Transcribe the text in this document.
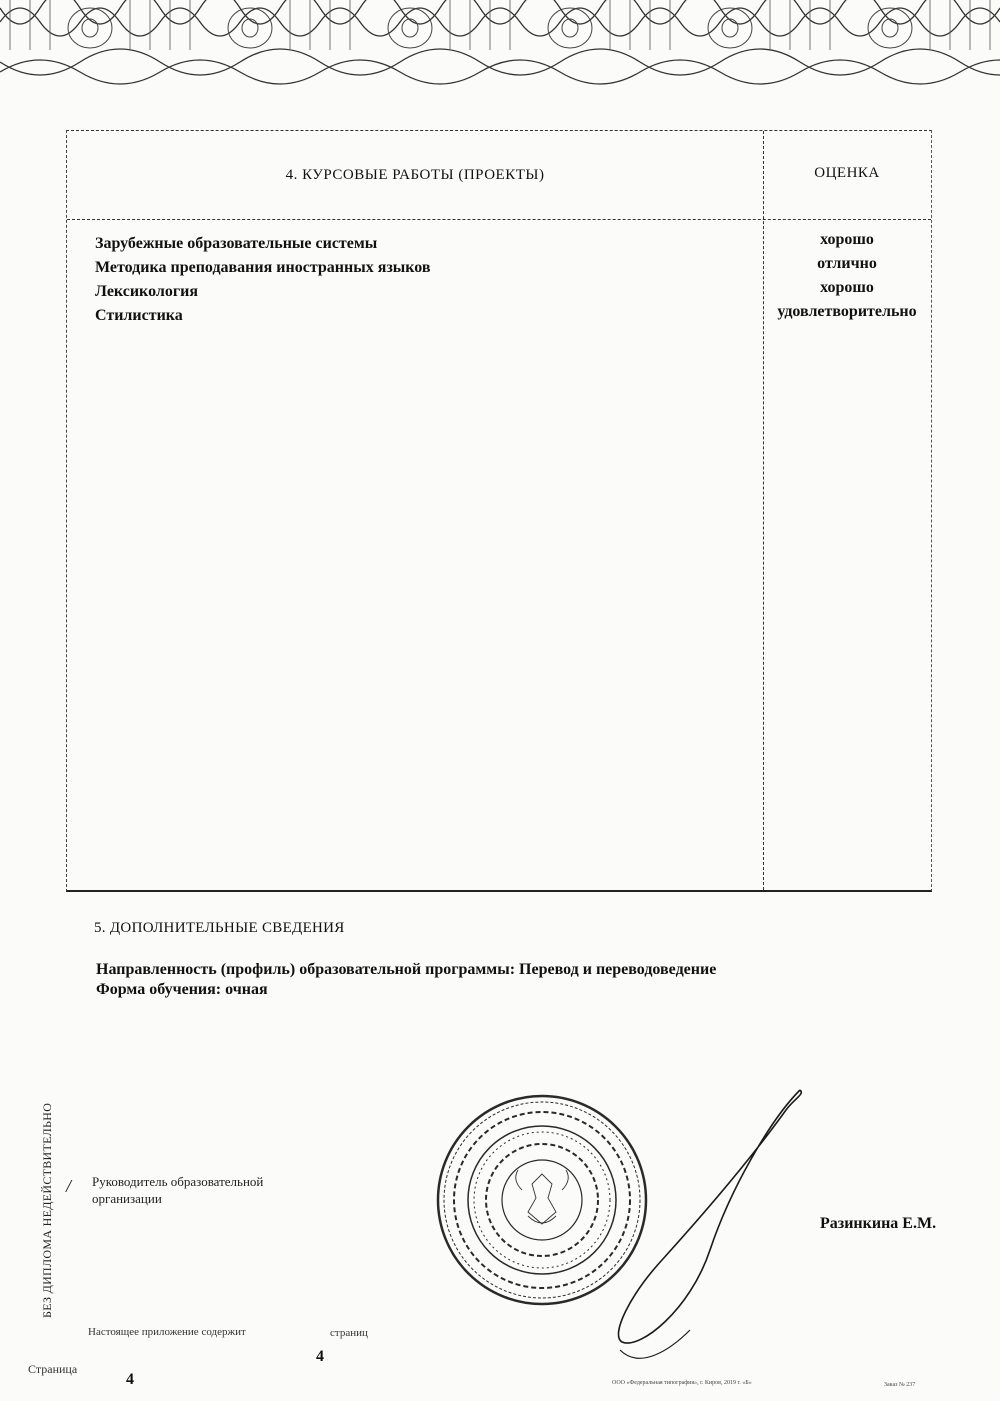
4. КУРСОВЫЕ РАБОТЫ (ПРОЕКТЫ)	ОЦЕНКА
Зарубежные образовательные системы	хорошо
Методика преподавания иностранных языков	отлично
Лексикология	хорошо
Стилистика	удовлетворительно
5. ДОПОЛНИТЕЛЬНЫЕ СВЕДЕНИЯ
Направленность (профиль) образовательной программы: Перевод и переводоведение
Форма обучения: очная
БЕЗ ДИПЛОМА НЕДЕЙСТВИТЕЛЬНО / Руководитель образовательной
организации
Разинкина Е.М.
Настоящее приложение содержит	страниц
4
Страница
4	ООО «Федеральная типография», г. Киров, 2019 г. «Б»	Заказ № 237
